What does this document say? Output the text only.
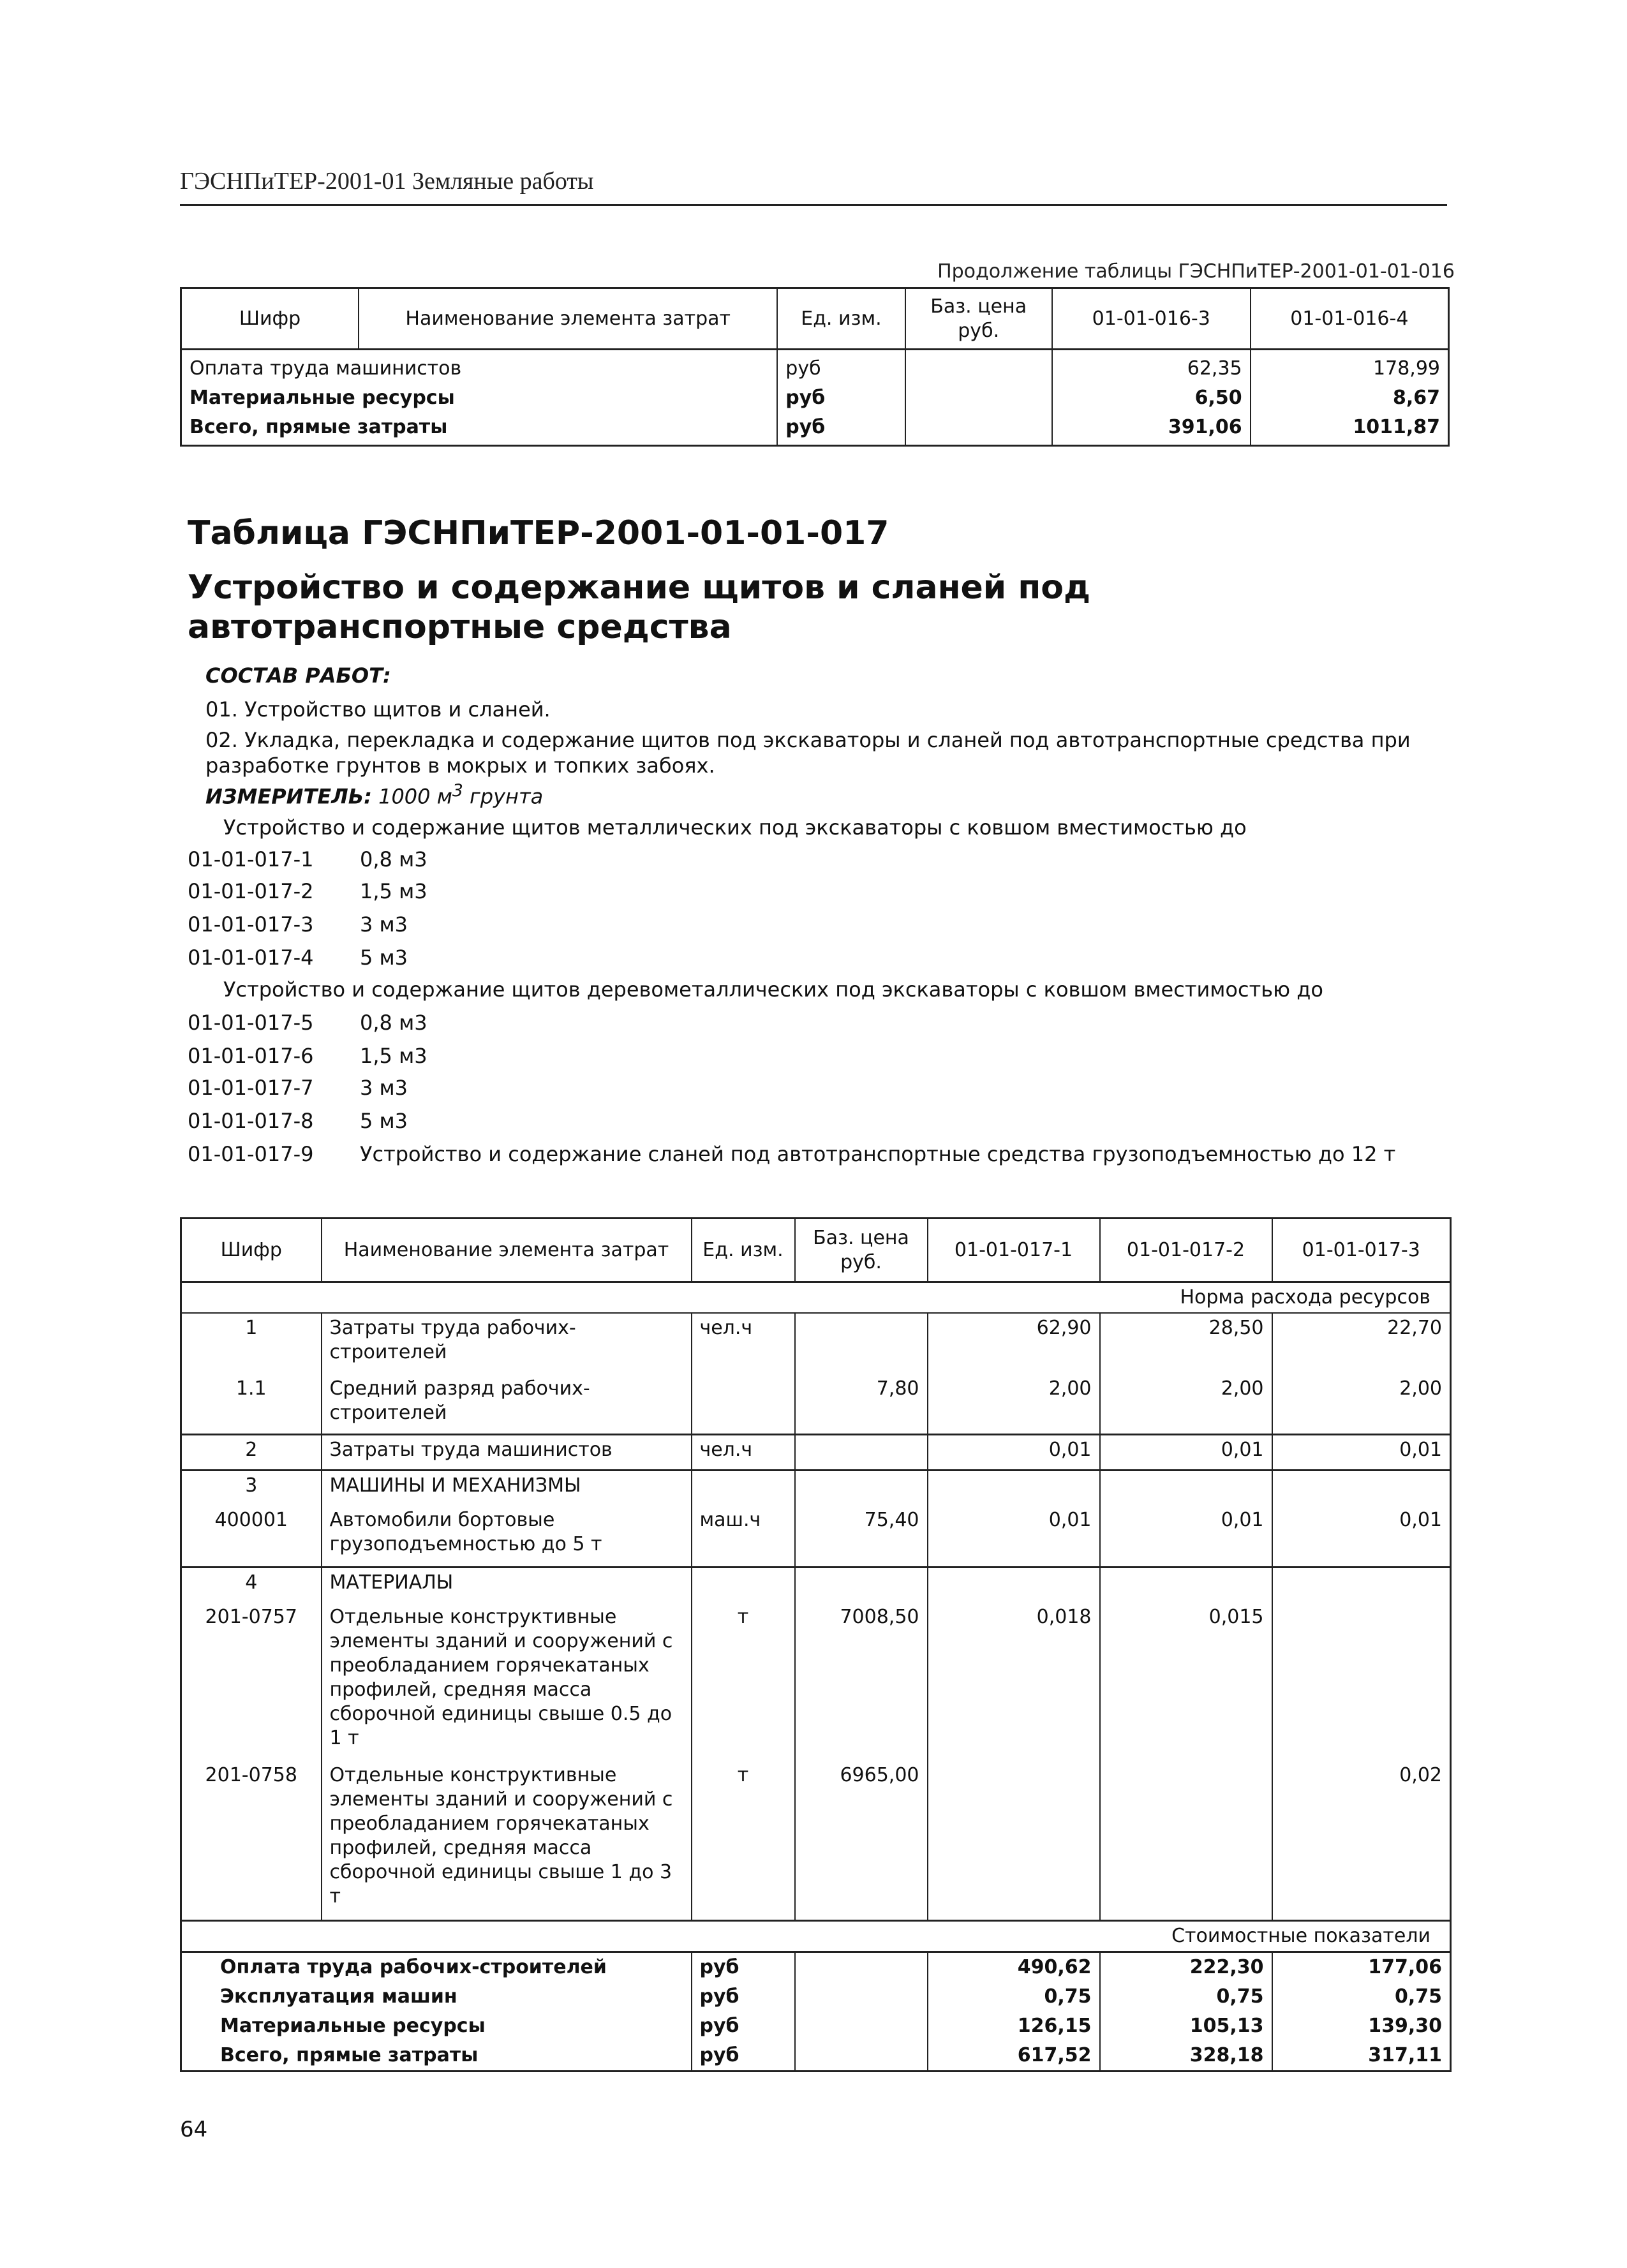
ГЭСНПиТЕР-2001-01 Земляные работы
Продолжение таблицы ГЭСНПиТЕР-2001-01-01-016
Шифр	Наименование элемента затрат	Ед. изм.	Баз. цена руб.	01-01-016-3	01-01-016-4
Оплата труда машинистов		руб		62,35	178,99
Материальные ресурсы		руб		6,50	8,67
Всего, прямые затраты		руб		391,06	1011,87
Таблица ГЭСНПиТЕР-2001-01-01-017
Устройство и содержание щитов и сланей под автотранспортные средства
СОСТАВ РАБОТ:
01. Устройство щитов и сланей.
02. Укладка, перекладка и содержание щитов под экскаваторы и сланей под автотранспортные средства при разработке грунтов в мокрых и топких забоях.
ИЗМЕРИТЕЛЬ: 1000 $м^3$ грунта
Устройство и содержание щитов металлических под экскаваторы с ковшом вместимостью до
01-01-017-1 0,8 м3
01-01-017-2 1,5 м3
01-01-017-3 3 м3
01-01-017-4 5 м3
Устройство и содержание щитов деревометаллических под экскаваторы с ковшом вместимостью до
01-01-017-5 0,8 м3
01-01-017-6 1,5 м3
01-01-017-7 3 м3
01-01-017-8 5 м3
01-01-017-9 Устройство и содержание сланей под автотранспортные средства грузоподъемностью до 12 т
Шифр	Наименование элемента затрат	Ед. изм.	Баз. цена руб.	01-01-017-1	01-01-017-2	01-01-017-3
Норма расхода ресурсов						
1	Затраты труда рабочих-строителей	чел.ч		62,90	28,50	22,70
1.1	Средний разряд рабочих-строителей		7,80	2,00	2,00	2,00
2	Затраты труда машинистов	чел.ч		0,01	0,01	0,01
3	МАШИНЫ И МЕХАНИЗМЫ					
400001	Автомобили бортовые грузоподъемностью до 5 т	маш.ч	75,40	0,01	0,01	0,01
4	МАТЕРИАЛЫ					
201-0757	Отдельные конструктивные элементы зданий и сооружений с преобладанием горячекатаных профилей, средняя масса сборочной единицы свыше 0.5 до 1 т	т	7008,50	0,018	0,015	
201-0758	Отдельные конструктивные элементы зданий и сооружений с преобладанием горячекатаных профилей, средняя масса сборочной единицы свыше 1 до 3 т	т	6965,00			0,02
Стоимостные показатели						
Оплата труда рабочих-строителей		руб		490,62	222,30	177,06
Эксплуатация машин		руб		0,75	0,75	0,75
Материальные ресурсы		руб		126,15	105,13	139,30
Всего, прямые затраты		руб		617,52	328,18	317,11
64
